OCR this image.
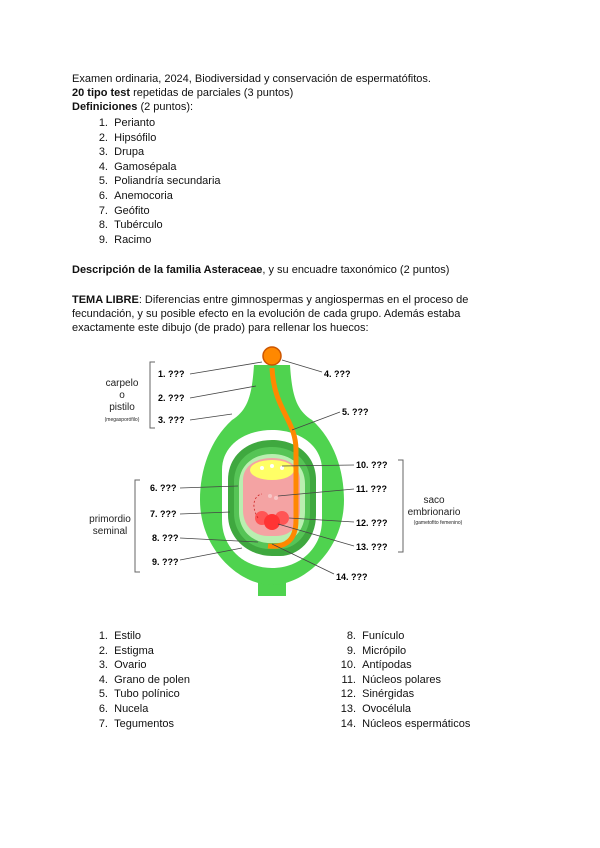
Examen ordinaria, 2024, Biodiversidad y conservación de espermatófitos.
20 tipo test repetidas de parciales (3 puntos)
Definiciones (2 puntos):
1. Perianto
2. Hipsófilo
3. Drupa
4. Gamosépala
5. Poliandría secundaria
6. Anemocoria
7. Geófito
8. Tubérculo
9. Racimo
Descripción de la familia Asteraceae, y su encuadre taxonómico (2 puntos)
TEMA LIBRE: Diferencias entre gimnospermas y angiospermas en el proceso de
fecundación, y su posible efecto en la evolución de cada grupo. Además estaba
exactamente este dibujo (de prado) para rellenar los huecos:
1. ???
2. ???
3. ???
4. ???
5. ???
6. ???
7. ???
8. ???
9. ???
10. ???
11. ???
12. ???
13. ???
14. ???
carpelo
o
pistilo
(megasporófilo)
primordio
seminal
saco
embrionario
(gametofito femenino)
1. Estilo
2. Estigma
3. Ovario
4. Grano de polen
5. Tubo polínico
6. Nucela
7. Tegumentos
8. Funículo
9. Micrópilo
10. Antípodas
11. Núcleos polares
12. Sinérgidas
13. Ovocélula
14. Núcleos espermáticos
